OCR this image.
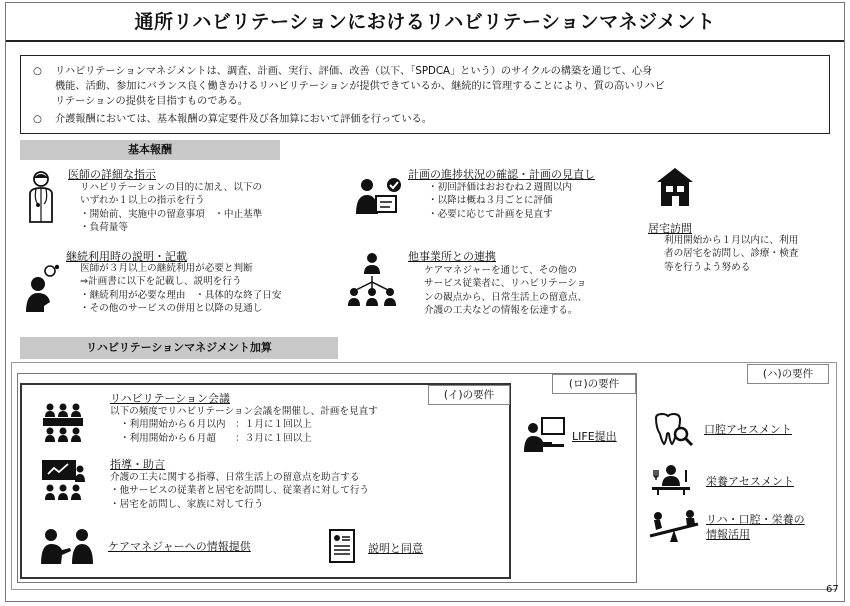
通所リハビリテーションにおけるリハビリテーションマネジメント

○	リハビリテーションマネジメントは、調査、計画、実行、評価、改善（以下、「SPDCA」という）のサイクルの構築を通じて、心身
機能、活動、参加にバランス良く働きかけるリハビリテーションが提供できているか、継続的に管理することにより、質の高いリハビ
リテーションの提供を目指すものである。

○	介護報酬においては、基本報酬の算定要件及び各加算において評価を行っている。

基本報酬
医師の詳細な指示
リハビリテーションの目的に加え、以下の
いずれか１以上の指示を行う
・開始前、実施中の留意事項　・中止基準
・負荷量等
計画の進捗状況の確認・計画の見直し
・初回評価はおおむね２週間以内
・以降は概ね３月ごとに評価
・必要に応じて計画を見直す
居宅訪問
利用開始から１月以内に、利用
者の居宅を訪問し、診療・検査
等を行うよう努める
継続利用時の説明・記載
医師が３月以上の継続利用が必要と判断
⇒計画書に以下を記載し、説明を行う
・継続利用が必要な理由　・具体的な終了日安
・その他のサービスの併用と以降の見通し
他事業所との連携
ケアマネジャーを通じて、その他の
サービス従業者に、リハビリテーショ
ンの観点から、日常生活上の留意点、
介護の工夫などの情報を伝達する。
リハビリテーションマネジメント加算
(ハ)の要件
(ロ)の要件
(イ)の要件
リハビリテーション会議
以下の頻度でリハビリテーション会議を開催し、計画を見直す
・利用開始から６月以内　：１月に１回以上
・利用開始から６月超　　：３月に１回以上
指導・助言
介護の工夫に関する指導、日常生活上の留意点を助言する
・他サービスの従業者と居宅を訪問し、従業者に対して行う
・居宅を訪問し、家族に対して行う
ケアマネジャーへの情報提供	説明と同意
LIFE提出
口腔アセスメント
栄養アセスメント
リハ・口腔・栄養の
情報活用
67
